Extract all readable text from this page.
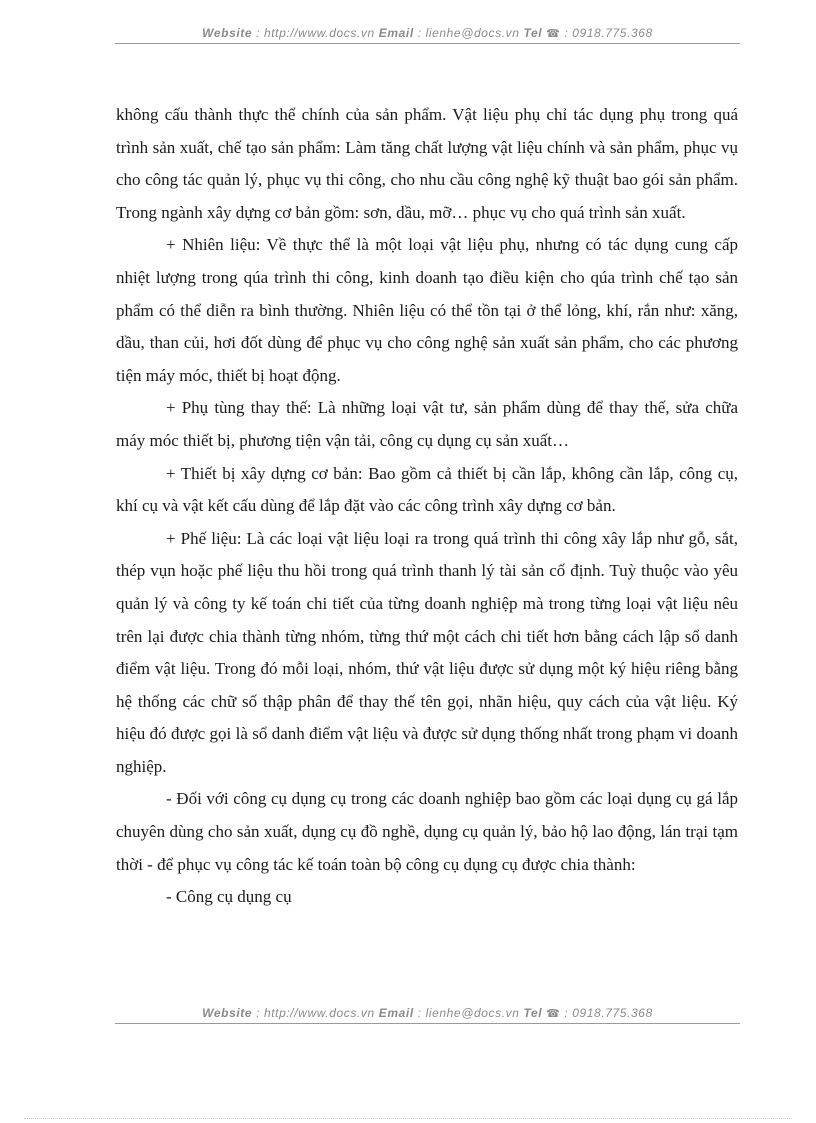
Website : http://www.docs.vn Email : lienhe@docs.vn Tel ☎ : 0918.775.368

không cấu thành thực thể chính của sản phẩm. Vật liệu phụ chỉ tác dụng phụ trong quá trình sản xuất, chế tạo sản phẩm: Làm tăng chất lượng vật liệu chính và sản phẩm, phục vụ cho công tác quản lý, phục vụ thi công, cho nhu cầu công nghệ kỹ thuật bao gói sản phẩm. Trong ngành xây dựng cơ bản gồm: sơn, dầu, mỡ… phục vụ cho quá trình sản xuất.

+ Nhiên liệu: Về thực thể là một loại vật liệu phụ, nhưng có tác dụng cung cấp nhiệt lượng trong qúa trình thi công, kinh doanh tạo điều kiện cho qúa trình chế tạo sản phẩm có thể diễn ra bình thường. Nhiên liệu có thể tồn tại ở thể lỏng, khí, rắn như: xăng, dầu, than củi, hơi đốt dùng để phục vụ cho công nghệ sản xuất sản phẩm, cho các phương tiện máy móc, thiết bị hoạt động.

+ Phụ tùng thay thế: Là những loại vật tư, sản phẩm dùng để thay thế, sửa chữa máy móc thiết bị, phương tiện vận tải, công cụ dụng cụ sản xuất…

+ Thiết bị xây dựng cơ bản: Bao gồm cả thiết bị cần lắp, không cần lắp, công cụ, khí cụ và vật kết cấu dùng để lắp đặt vào các công trình xây dựng cơ bản.

+ Phế liệu: Là các loại vật liệu loại ra trong quá trình thi công xây lắp như gỗ, sắt, thép vụn hoặc phế liệu thu hồi trong quá trình thanh lý tài sản cố định. Tuỳ thuộc vào yêu quản lý và công ty kế toán chi tiết của từng doanh nghiệp mà trong từng loại vật liệu nêu trên lại được chia thành từng nhóm, từng thứ một cách chi tiết hơn bằng cách lập sổ danh điểm vật liệu. Trong đó mỗi loại, nhóm, thứ vật liệu được sử dụng một ký hiệu riêng bằng hệ thống các chữ số thập phân để thay thế tên gọi, nhãn hiệu, quy cách của vật liệu. Ký hiệu đó được gọi là sổ danh điểm vật liệu và được sử dụng thống nhất trong phạm vi doanh nghiệp.

- Đối với công cụ dụng cụ trong các doanh nghiệp bao gồm các loại dụng cụ gá lắp chuyên dùng cho sản xuất, dụng cụ đồ nghề, dụng cụ quản lý, bảo hộ lao động, lán trại tạm thời - để phục vụ công tác kế toán toàn bộ công cụ dụng cụ được chia thành:

- Công cụ dụng cụ

Website : http://www.docs.vn Email : lienhe@docs.vn Tel ☎ : 0918.775.368
